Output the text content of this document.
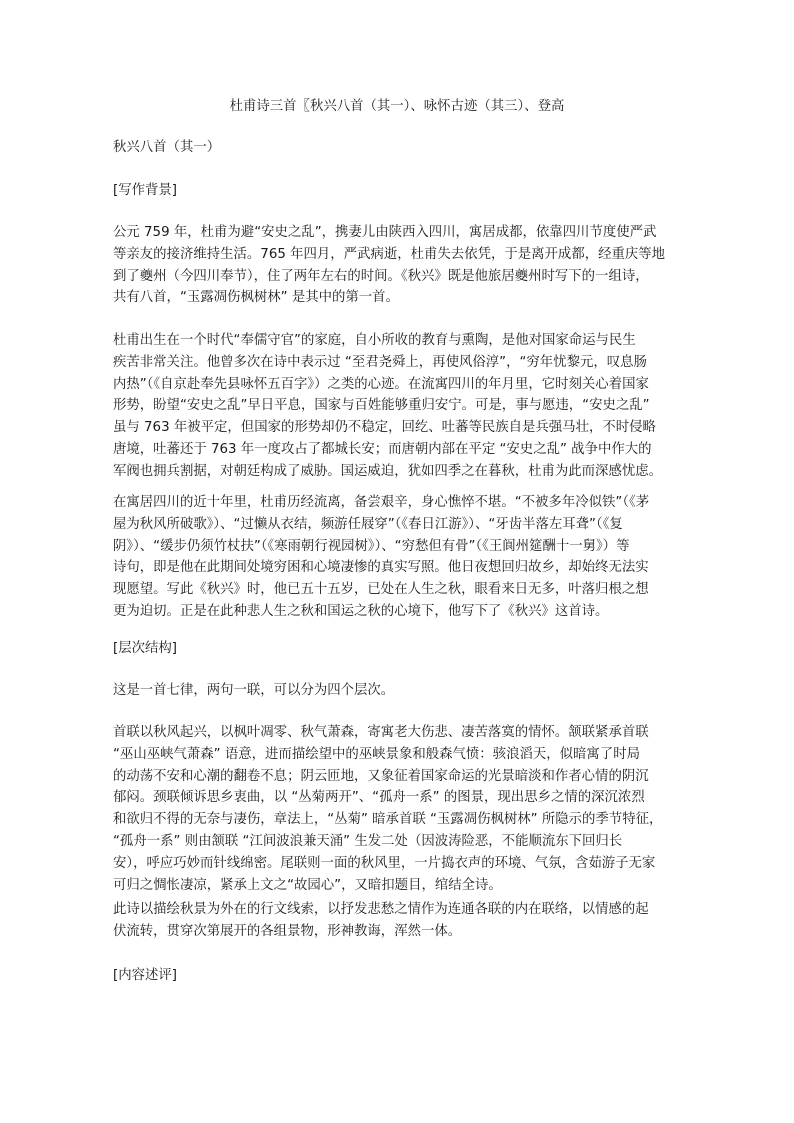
杜甫诗三首〖秋兴八首（其一）、咏怀古迹（其三）、登高
秋兴八首（其一）
[写作背景]
公元 759 年，杜甫为避“安史之乱”，携妻儿由陕西入四川，寓居成都，依靠四川节度使严武
等亲友的接济维持生活。765 年四月，严武病逝，杜甫失去依凭，于是离开成都，经重庆等地
到了夔州（今四川奉节），住了两年左右的时间。《秋兴》既是他旅居夔州时写下的一组诗，
共有八首，“玉露凋伤枫树林” 是其中的第一首。
杜甫出生在一个时代“奉儒守官”的家庭，自小所收的教育与熏陶，是他对国家命运与民生
疾苦非常关注。他曾多次在诗中表示过 “至君尧舜上，再使风俗淳”，“穷年忧黎元，叹息肠
内热”（《自京赴奉先县咏怀五百字》）之类的心迹。在流寓四川的年月里，它时刻关心着国家
形势，盼望“安史之乱”早日平息，国家与百姓能够重归安宁。可是，事与愿违，“安史之乱”
虽与 763 年被平定，但国家的形势却仍不稳定，回纥、吐蕃等民族自是兵强马壮，不时侵略
唐境，吐蕃还于 763 年一度攻占了都城长安；而唐朝内部在平定 “安史之乱” 战争中作大的
军阀也拥兵割据，对朝廷构成了威胁。国运威迫，犹如四季之在暮秋，杜甫为此而深感忧虑。
在寓居四川的近十年里，杜甫历经流离，备尝艰辛，身心憔悴不堪。“不被多年冷似铁”（《茅
屋为秋风所破歌》）、“过懒从衣结，频游任屐穿”（《春日江游》）、“牙齿半落左耳聋”（《复
阴》）、“缓步仍须竹杖扶”（《寒雨朝行视园树》）、“穷愁但有骨”（《王阆州筵酬十一舅》）等
诗句，即是他在此期间处境穷困和心境凄惨的真实写照。他日夜想回归故乡，却始终无法实
现愿望。写此《秋兴》时，他已五十五岁，已处在人生之秋，眼看来日无多，叶落归根之想
更为迫切。正是在此种悲人生之秋和国运之秋的心境下，他写下了《秋兴》这首诗。
[层次结构]
这是一首七律，两句一联，可以分为四个层次。
首联以秋风起兴，以枫叶凋零、秋气萧森，寄寓老大伤悲、凄苦落寞的情怀。颔联紧承首联
“巫山巫峡气萧森” 语意，进而描绘望中的巫峡景象和般森气愤：骇浪滔天，似暗寓了时局
的动荡不安和心潮的翻卷不息；阴云匝地，又象征着国家命运的光景暗淡和作者心情的阴沉
郁闷。颈联倾诉思乡衷曲，以 “丛菊两开”、“孤舟一系” 的图景，现出思乡之情的深沉浓烈
和欲归不得的无奈与凄伤，章法上，“丛菊” 暗承首联 “玉露凋伤枫树林” 所隐示的季节特征，
“孤舟一系” 则由颔联 “江间波浪兼天涌” 生发二处（因波涛险恶，不能顺流东下回归长
安），呼应巧妙而针线绵密。尾联则一面的秋风里，一片捣衣声的环境、气氛，含茹游子无家
可归之惆怅凄凉，紧承上文之“故园心”，又暗扣题目，绾结全诗。
此诗以描绘秋景为外在的行文线索，以抒发悲愁之情作为连通各联的内在联络，以情感的起
伏流转，贯穿次第展开的各组景物，形神教诲，浑然一体。
[内容述评]
